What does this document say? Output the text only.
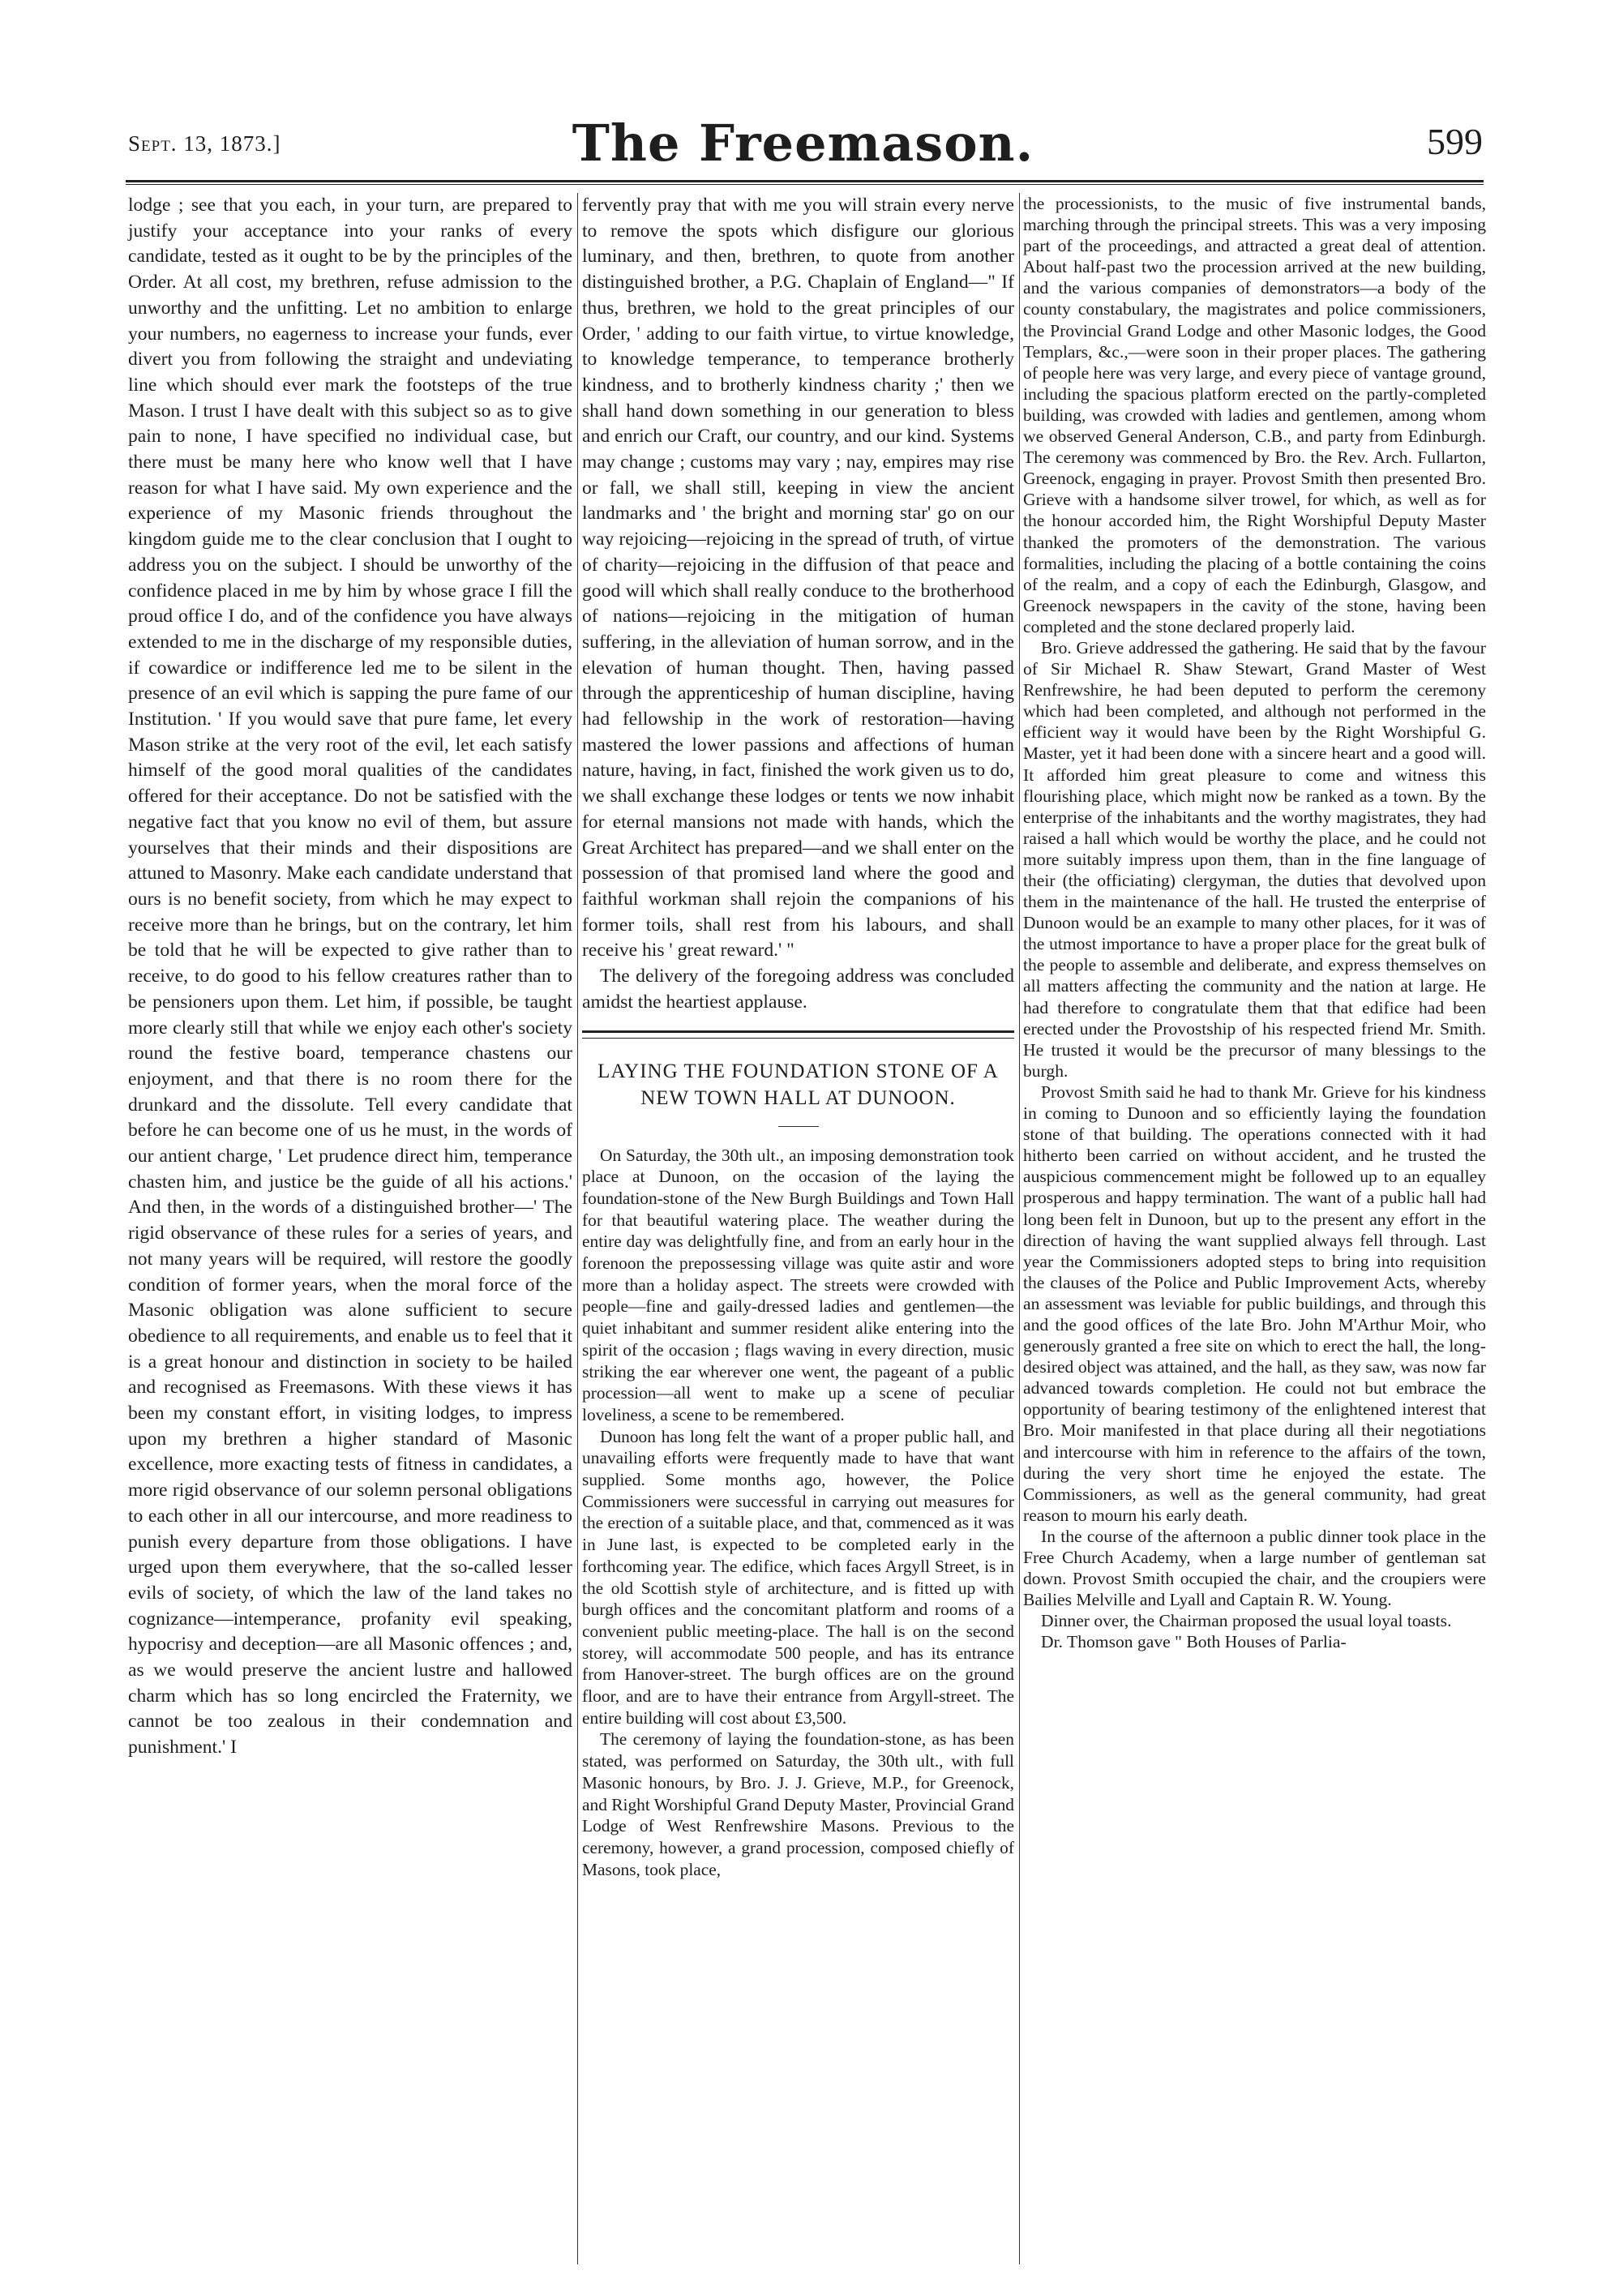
Sept. 13, 1873.]	The Freemason.	599

lodge ; see that you each, in your turn, are prepared to justify your acceptance into your ranks of every candidate, tested as it ought to be by the principles of the Order. At all cost, my brethren, refuse admission to the unworthy and the unfitting. Let no ambition to enlarge your numbers, no eagerness to increase your funds, ever divert you from following the straight and undeviating line which should ever mark the footsteps of the true Mason. I trust I have dealt with this subject so as to give pain to none, I have specified no individual case, but there must be many here who know well that I have reason for what I have said. My own experience and the experience of my Masonic friends throughout the kingdom guide me to the clear conclusion that I ought to address you on the subject. I should be unworthy of the confidence placed in me by him by whose grace I fill the proud office I do, and of the confidence you have always extended to me in the discharge of my responsible duties, if cowardice or indifference led me to be silent in the presence of an evil which is sapping the pure fame of our Institution. ' If you would save that pure fame, let every Mason strike at the very root of the evil, let each satisfy himself of the good moral qualities of the candidates offered for their acceptance. Do not be satisfied with the negative fact that you know no evil of them, but assure yourselves that their minds and their dispositions are attuned to Masonry. Make each candidate understand that ours is no benefit society, from which he may expect to receive more than he brings, but on the contrary, let him be told that he will be expected to give rather than to receive, to do good to his fellow creatures rather than to be pensioners upon them. Let him, if possible, be taught more clearly still that while we enjoy each other's society round the festive board, temperance chastens our enjoyment, and that there is no room there for the drunkard and the dissolute. Tell every candidate that before he can become one of us he must, in the words of our antient charge, ' Let prudence direct him, temperance chasten him, and justice be the guide of all his actions.' And then, in the words of a distinguished brother—' The rigid observance of these rules for a series of years, and not many years will be required, will restore the goodly condition of former years, when the moral force of the Masonic obligation was alone sufficient to secure obedience to all requirements, and enable us to feel that it is a great honour and distinction in society to be hailed and recognised as Freemasons. With these views it has been my constant effort, in visiting lodges, to impress upon my brethren a higher standard of Masonic excellence, more exacting tests of fitness in candidates, a more rigid observance of our solemn personal obligations to each other in all our intercourse, and more readiness to punish every departure from those obligations. I have urged upon them everywhere, that the so-called lesser evils of society, of which the law of the land takes no cognizance—intemperance, profanity evil speaking, hypocrisy and deception—are all Masonic offences ; and, as we would preserve the ancient lustre and hallowed charm which has so long encircled the Fraternity, we cannot be too zealous in their condemnation and punishment.' I

fervently pray that with me you will strain every nerve to remove the spots which disfigure our glorious luminary, and then, brethren, to quote from another distinguished brother, a P.G. Chaplain of England—" If thus, brethren, we hold to the great principles of our Order, ' adding to our faith virtue, to virtue knowledge, to knowledge temperance, to temperance brotherly kindness, and to brotherly kindness charity ;' then we shall hand down something in our generation to bless and enrich our Craft, our country, and our kind. Systems may change ; customs may vary ; nay, empires may rise or fall, we shall still, keeping in view the ancient landmarks and ' the bright and morning star' go on our way rejoicing—rejoicing in the spread of truth, of virtue of charity—rejoicing in the diffusion of that peace and good will which shall really conduce to the brotherhood of nations—rejoicing in the mitigation of human suffering, in the alleviation of human sorrow, and in the elevation of human thought. Then, having passed through the apprenticeship of human discipline, having had fellowship in the work of restoration—having mastered the lower passions and affections of human nature, having, in fact, finished the work given us to do, we shall exchange these lodges or tents we now inhabit for eternal mansions not made with hands, which the Great Architect has prepared—and we shall enter on the possession of that promised land where the good and faithful workman shall rejoin the companions of his former toils, shall rest from his labours, and shall receive his ' great reward.' "

The delivery of the foregoing address was concluded amidst the heartiest applause.

LAYING THE FOUNDATION STONE OF A NEW TOWN HALL AT DUNOON.

On Saturday, the 30th ult., an imposing demonstration took place at Dunoon, on the occasion of the laying the foundation-stone of the New Burgh Buildings and Town Hall for that beautiful watering place. The weather during the entire day was delightfully fine, and from an early hour in the forenoon the prepossessing village was quite astir and wore more than a holiday aspect. The streets were crowded with people—fine and gaily-dressed ladies and gentlemen—the quiet inhabitant and summer resident alike entering into the spirit of the occasion ; flags waving in every direction, music striking the ear wherever one went, the pageant of a public procession—all went to make up a scene of peculiar loveliness, a scene to be remembered.

Dunoon has long felt the want of a proper public hall, and unavailing efforts were frequently made to have that want supplied. Some months ago, however, the Police Commissioners were successful in carrying out measures for the erection of a suitable place, and that, commenced as it was in June last, is expected to be completed early in the forthcoming year. The edifice, which faces Argyll Street, is in the old Scottish style of architecture, and is fitted up with burgh offices and the concomitant platform and rooms of a convenient public meeting-place. The hall is on the second storey, will accommodate 500 people, and has its entrance from Hanover-street. The burgh offices are on the ground floor, and are to have their entrance from Argyll-street. The entire building will cost about £3,500.

The ceremony of laying the foundation-stone, as has been stated, was performed on Saturday, the 30th ult., with full Masonic honours, by Bro. J. J. Grieve, M.P., for Greenock, and Right Worshipful Grand Deputy Master, Provincial Grand Lodge of West Renfrewshire Masons. Previous to the ceremony, however, a grand procession, composed chiefly of Masons, took place,

the processionists, to the music of five instrumental bands, marching through the principal streets. This was a very imposing part of the proceedings, and attracted a great deal of attention. About half-past two the procession arrived at the new building, and the various companies of demonstrators—a body of the county constabulary, the magistrates and police commissioners, the Provincial Grand Lodge and other Masonic lodges, the Good Templars, &c.,—were soon in their proper places. The gathering of people here was very large, and every piece of vantage ground, including the spacious platform erected on the partly-completed building, was crowded with ladies and gentlemen, among whom we observed General Anderson, C.B., and party from Edinburgh. The ceremony was commenced by Bro. the Rev. Arch. Fullarton, Greenock, engaging in prayer. Provost Smith then presented Bro. Grieve with a handsome silver trowel, for which, as well as for the honour accorded him, the Right Worshipful Deputy Master thanked the promoters of the demonstration. The various formalities, including the placing of a bottle containing the coins of the realm, and a copy of each the Edinburgh, Glasgow, and Greenock newspapers in the cavity of the stone, having been completed and the stone declared properly laid.

Bro. Grieve addressed the gathering. He said that by the favour of Sir Michael R. Shaw Stewart, Grand Master of West Renfrewshire, he had been deputed to perform the ceremony which had been completed, and although not performed in the efficient way it would have been by the Right Worshipful G. Master, yet it had been done with a sincere heart and a good will. It afforded him great pleasure to come and witness this flourishing place, which might now be ranked as a town. By the enterprise of the inhabitants and the worthy magistrates, they had raised a hall which would be worthy the place, and he could not more suitably impress upon them, than in the fine language of their (the officiating) clergyman, the duties that devolved upon them in the maintenance of the hall. He trusted the enterprise of Dunoon would be an example to many other places, for it was of the utmost importance to have a proper place for the great bulk of the people to assemble and deliberate, and express themselves on all matters affecting the community and the nation at large. He had therefore to congratulate them that that edifice had been erected under the Provostship of his respected friend Mr. Smith. He trusted it would be the precursor of many blessings to the burgh.

Provost Smith said he had to thank Mr. Grieve for his kindness in coming to Dunoon and so efficiently laying the foundation stone of that building. The operations connected with it had hitherto been carried on without accident, and he trusted the auspicious commencement might be followed up to an equalley prosperous and happy termination. The want of a public hall had long been felt in Dunoon, but up to the present any effort in the direction of having the want supplied always fell through. Last year the Commissioners adopted steps to bring into requisition the clauses of the Police and Public Improvement Acts, whereby an assessment was leviable for public buildings, and through this and the good offices of the late Bro. John M'Arthur Moir, who generously granted a free site on which to erect the hall, the long-desired object was attained, and the hall, as they saw, was now far advanced towards completion. He could not but embrace the opportunity of bearing testimony of the enlightened interest that Bro. Moir manifested in that place during all their negotiations and intercourse with him in reference to the affairs of the town, during the very short time he enjoyed the estate. The Commissioners, as well as the general community, had great reason to mourn his early death.

In the course of the afternoon a public dinner took place in the Free Church Academy, when a large number of gentleman sat down. Provost Smith occupied the chair, and the croupiers were Bailies Melville and Lyall and Captain R. W. Young.

Dinner over, the Chairman proposed the usual loyal toasts.

Dr. Thomson gave " Both Houses of Parlia-
